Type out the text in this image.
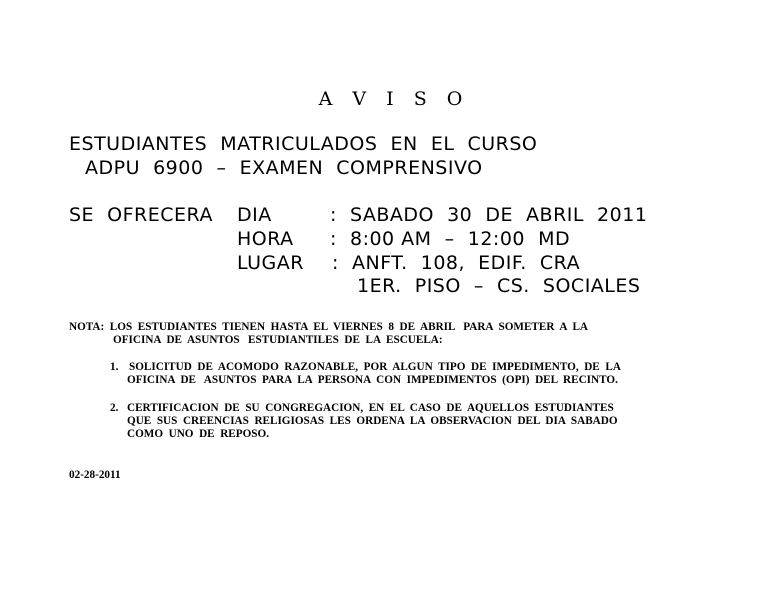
A V I S O
ESTUDIANTES  MATRICULADOS  EN  EL  CURSO
ADPU  6900  –  EXAMEN  COMPRENSIVO
SE  OFRECERA DIA	:  SABADO  30  DE  ABRIL  2011
HORA :  8:00 AM  –  12:00  MD
LUGAR :  ANFT.  108,  EDIF.  CRA
1ER.  PISO  –  CS.  SOCIALES
NOTA:  LOS  ESTUDIANTES  TIENEN  HASTA  EL  VIERNES  8  DE  ABRIL   PARA  SOMETER  A  LA
OFICINA  DE  ASUNTOS   ESTUDIANTILES  DE  LA  ESCUELA:
1. SOLICITUD  DE  ACOMODO  RAZONABLE,  POR  ALGUN  TIPO  DE  IMPEDIMENTO,  DE  LA
OFICINA  DE   ASUNTOS  PARA  LA  PERSONA  CON  IMPEDIMENTOS  (OPI)  DEL  RECINTO.
2. CERTIFICACION  DE  SU  CONGREGACION,  EN  EL  CASO  DE  AQUELLOS  ESTUDIANTES
QUE  SUS  CREENCIAS  RELIGIOSAS  LES  ORDENA  LA  OBSERVACION  DEL  DIA  SABADO
COMO  UNO  DE  REPOSO.
02-28-2011
